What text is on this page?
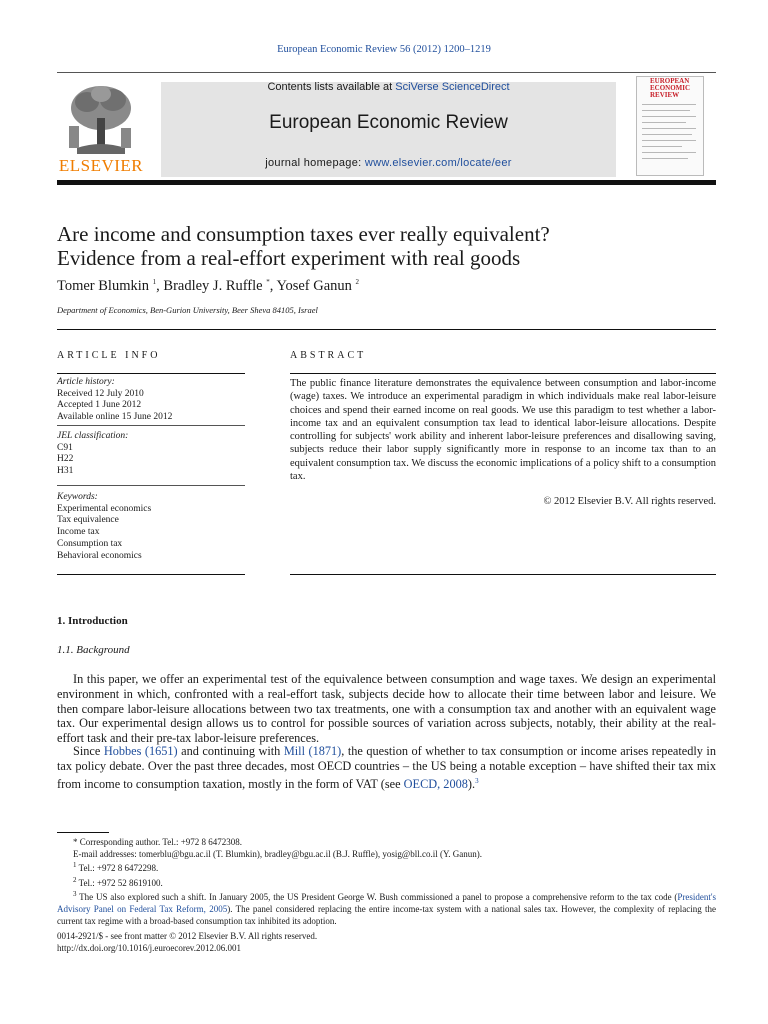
European Economic Review 56 (2012) 1200–1219
Contents lists available at SciVerse ScienceDirect
European Economic Review
journal homepage: www.elsevier.com/locate/eer
ELSEVIER
EUROPEAN ECONOMIC REVIEW
Are income and consumption taxes ever really equivalent?
Evidence from a real-effort experiment with real goods
Tomer Blumkin $^1$, Bradley J. Ruffle *, Yosef Ganun $^2$
Department of Economics, Ben-Gurion University, Beer Sheva 84105, Israel
ARTICLE INFO	ABSTRACT
Article history:
Received 12 July 2010
Accepted 1 June 2012
Available online 15 June 2012
JEL classification:
C91
H22
H31
Keywords:
Experimental economics
Tax equivalence
Income tax
Consumption tax
Behavioral economics
The public finance literature demonstrates the equivalence between consumption and labor-income (wage) taxes. We introduce an experimental paradigm in which individuals make real labor-leisure choices and spend their earned income on real goods. We use this paradigm to test whether a labor-income tax and an equivalent consumption tax lead to identical labor-leisure allocations. Despite controlling for subjects' work ability and inherent labor-leisure preferences and disallowing saving, subjects reduce their labor supply significantly more in response to an income tax than to an equivalent consumption tax. We discuss the economic implications of a policy shift to a consumption tax.
© 2012 Elsevier B.V. All rights reserved.
1. Introduction
1.1. Background
In this paper, we offer an experimental test of the equivalence between consumption and wage taxes. We design an experimental environment in which, confronted with a real-effort task, subjects decide how to allocate their time between labor and leisure. We then compare labor-leisure allocations between two tax treatments, one with a consumption tax and another with an equivalent wage tax. Our experimental design allows us to control for possible sources of variation across subjects, notably, their ability at the real-effort task and their pre-tax labor-leisure preferences.
Since Hobbes (1651) and continuing with Mill (1871), the question of whether to tax consumption or income arises repeatedly in tax policy debate. Over the past three decades, most OECD countries – the US being a notable exception – have shifted their tax mix from income to consumption taxation, mostly in the form of VAT (see OECD, 2008).$^3$
* Corresponding author. Tel.: +972 8 6472308.
E-mail addresses: tomerblu@bgu.ac.il (T. Blumkin), bradley@bgu.ac.il (B.J. Ruffle), yosig@bll.co.il (Y. Ganun).
$^1$ Tel.: +972 8 6472298.
$^2$ Tel.: +972 52 8619100.
$^3$ The US also explored such a shift. In January 2005, the US President George W. Bush commissioned a panel to propose a comprehensive reform to the tax code (President's Advisory Panel on Federal Tax Reform, 2005). The panel considered replacing the entire income-tax system with a national sales tax. However, the complexity of replacing the current tax regime with a broad-based consumption tax inhibited its adoption.
0014-2921/$ - see front matter © 2012 Elsevier B.V. All rights reserved.
http://dx.doi.org/10.1016/j.euroecorev.2012.06.001
